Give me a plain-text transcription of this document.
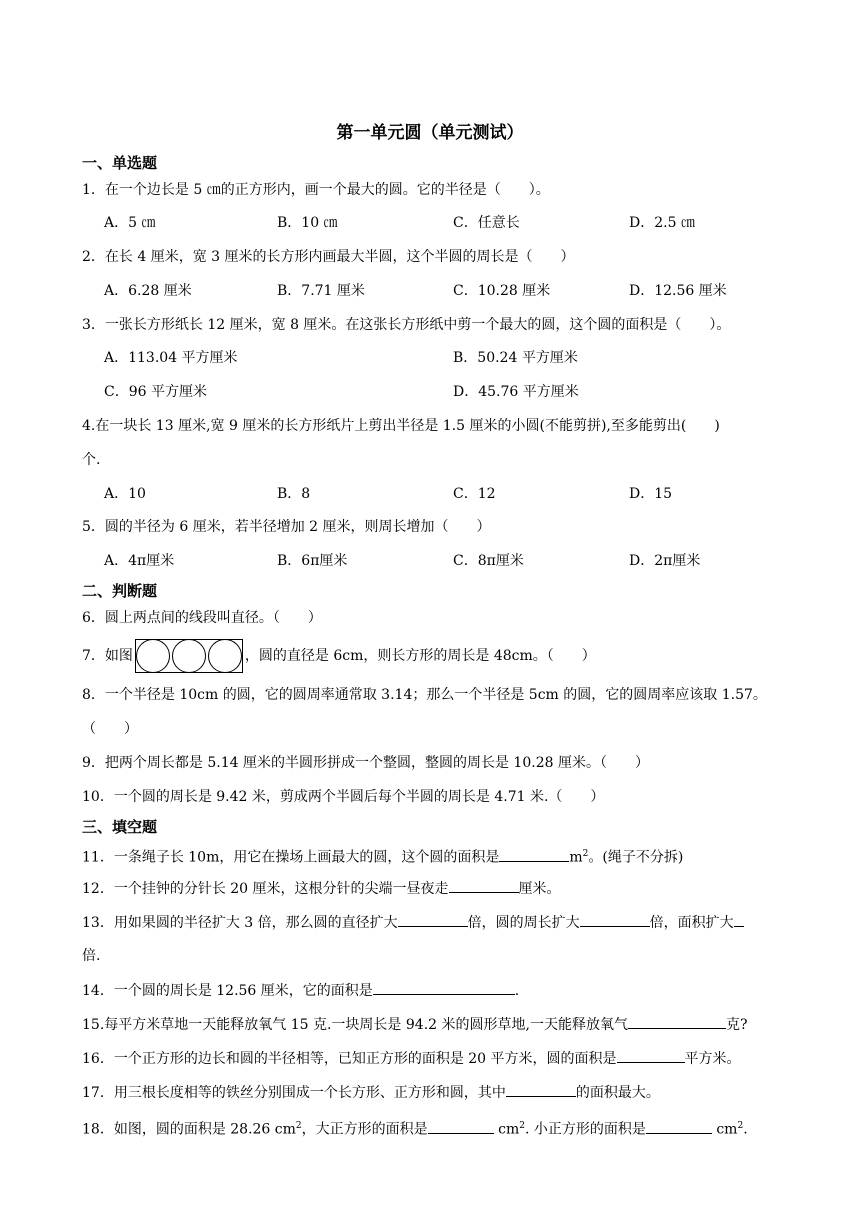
第一单元圆（单元测试）
一、单选题
1．在一个边长是 5 ㎝的正方形内，画一个最大的圆。它的半径是（　　）。
A．5 ㎝	B．10 ㎝	C．任意长	D．2.5 ㎝
2．在长 4 厘米，宽 3 厘米的长方形内画最大半圆，这个半圆的周长是（　　）
A．6.28 厘米	B．7.71 厘米	C．10.28 厘米	D．12.56 厘米
3．一张长方形纸长 12 厘米，宽 8 厘米。在这张长方形纸中剪一个最大的圆，这个圆的面积是（　　）。
A．113.04 平方厘米	B．50.24 平方厘米
C．96 平方厘米	D．45.76 平方厘米
4.在一块长 13 厘米,宽 9 厘米的长方形纸片上剪出半径是 1.5 厘米的小圆(不能剪拼),至多能剪出(　　)
个.
A．10	B．8	C．12	D．15
5．圆的半径为 6 厘米，若半径增加 2 厘米，则周长增加（　　）
A．4π厘米	B．6π厘米	C．8π厘米	D．2π厘米
二、判断题
6．圆上两点间的线段叫直径。（　　）
7．如图	，圆的直径是 6cm，则长方形的周长是 48cm。（　　）
8．一个半径是 10cm 的圆，它的圆周率通常取 3.14；那么一个半径是 5cm 的圆，它的圆周率应该取 1.57。
（　　）
9．把两个周长都是 5.14 厘米的半圆形拼成一个整圆，整圆的周长是 10.28 厘米。（　　）
10．一个圆的周长是 9.42 米，剪成两个半圆后每个半圆的周长是 4.71 米.（　　）
三、填空题
11．一条绳子长 10m，用它在操场上画最大的圆，这个圆的面积是	$m^2$。(绳子不分拆)
12．一个挂钟的分针长 20 厘米，这根分针的尖端一昼夜走	厘米。
13．用如果圆的半径扩大 3 倍，那么圆的直径扩大	倍，圆的周长扩大	倍，面积扩大
倍.
14．一个圆的周长是 12.56 厘米，它的面积是	.
15.每平方米草地一天能释放氧气 15 克.一块周长是 94.2 米的圆形草地,一天能释放氧气	克?
16．一个正方形的边长和圆的半径相等，已知正方形的面积是 20 平方米，圆的面积是	平方米。
17．用三根长度相等的铁丝分别围成一个长方形、正方形和圆，其中	的面积最大。
18．如图，圆的面积是 28.26 $cm^2$，大正方形的面积是	$cm^2$. 小正方形的面积是	$cm^2$.
